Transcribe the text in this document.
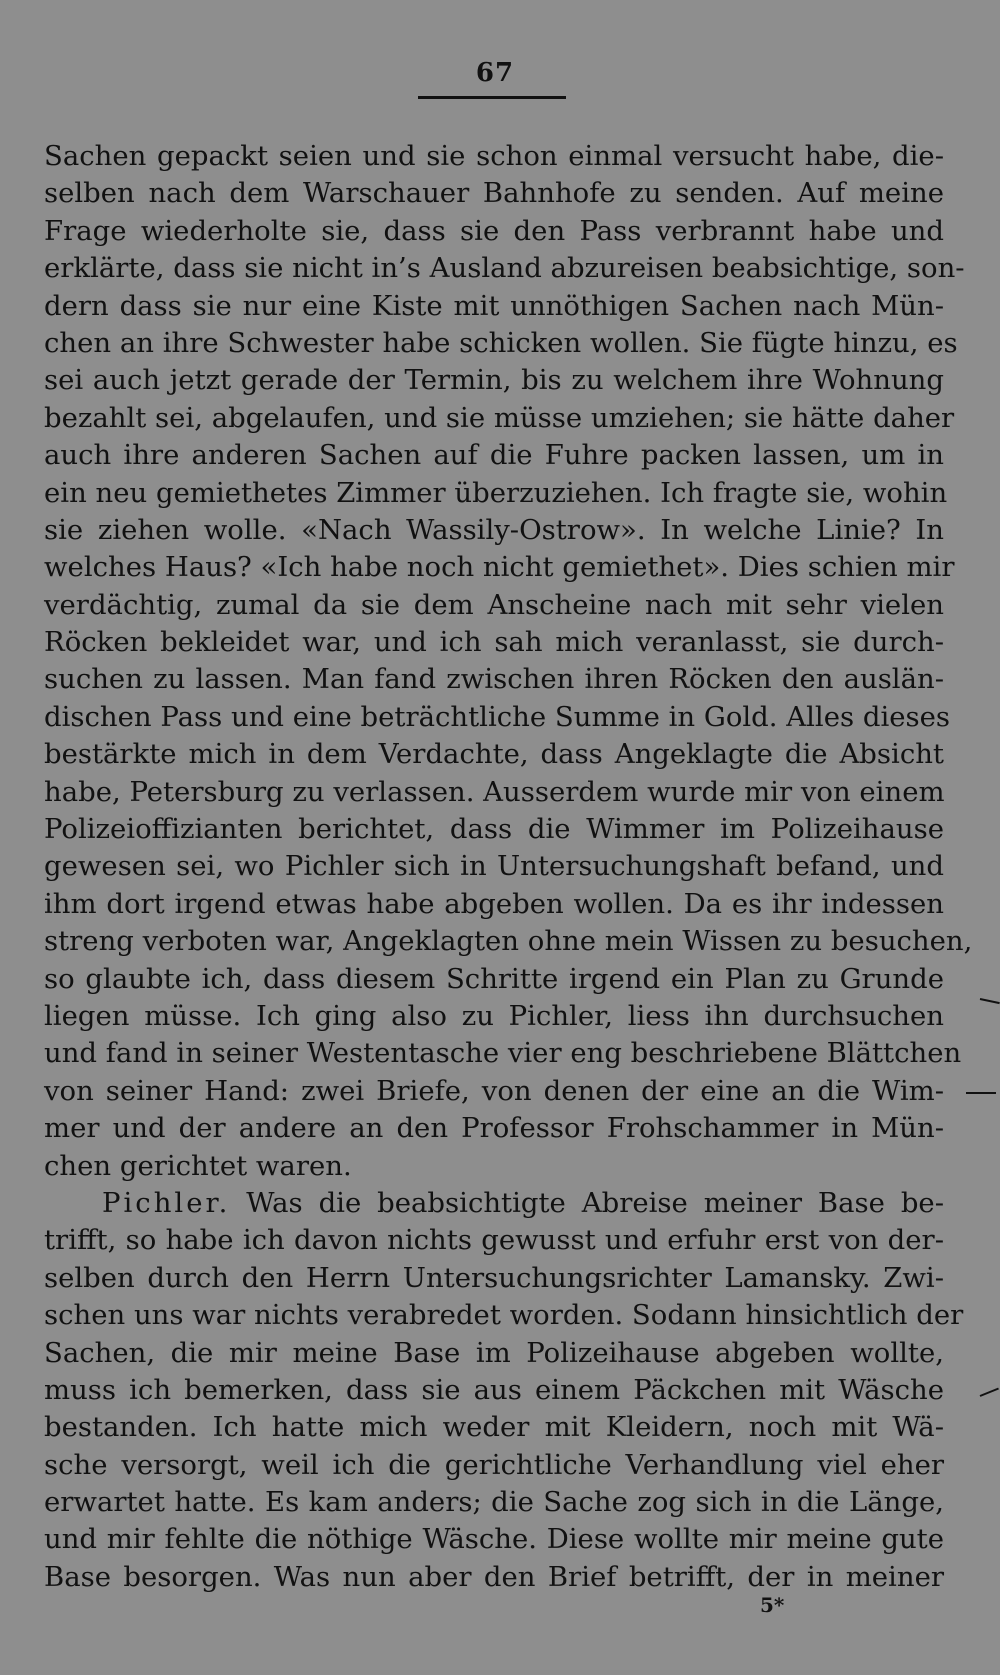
67
Sachen gepackt seien und sie schon einmal versucht habe, die-
selben nach dem Warschauer Bahnhofe zu senden. Auf meine
Frage wiederholte sie, dass sie den Pass verbrannt habe und
erklärte, dass sie nicht in’s Ausland abzureisen beabsichtige, son-
dern dass sie nur eine Kiste mit unnöthigen Sachen nach Mün-
chen an ihre Schwester habe schicken wollen. Sie fügte hinzu, es
sei auch jetzt gerade der Termin, bis zu welchem ihre Wohnung
bezahlt sei, abgelaufen, und sie müsse umziehen; sie hätte daher
auch ihre anderen Sachen auf die Fuhre packen lassen, um in
ein neu gemiethetes Zimmer überzuziehen. Ich fragte sie, wohin
sie ziehen wolle. «Nach Wassily-Ostrow». In welche Linie? In
welches Haus? «Ich habe noch nicht gemiethet». Dies schien mir
verdächtig, zumal da sie dem Anscheine nach mit sehr vielen
Röcken bekleidet war, und ich sah mich veranlasst, sie durch-
suchen zu lassen. Man fand zwischen ihren Röcken den auslän-
dischen Pass und eine beträchtliche Summe in Gold. Alles dieses
bestärkte mich in dem Verdachte, dass Angeklagte die Absicht
habe, Petersburg zu verlassen. Ausserdem wurde mir von einem
Polizeioffizianten berichtet, dass die Wimmer im Polizeihause
gewesen sei, wo Pichler sich in Untersuchungshaft befand, und
ihm dort irgend etwas habe abgeben wollen. Da es ihr indessen
streng verboten war, Angeklagten ohne mein Wissen zu besuchen,
so glaubte ich, dass diesem Schritte irgend ein Plan zu Grunde
liegen müsse. Ich ging also zu Pichler, liess ihn durchsuchen
und fand in seiner Westentasche vier eng beschriebene Blättchen
von seiner Hand: zwei Briefe, von denen der eine an die Wim-
mer und der andere an den Professor Frohschammer in Mün-
chen gerichtet waren.
Pichler. Was die beabsichtigte Abreise meiner Base be-
trifft, so habe ich davon nichts gewusst und erfuhr erst von der-
selben durch den Herrn Untersuchungsrichter Lamansky. Zwi-
schen uns war nichts verabredet worden. Sodann hinsichtlich der
Sachen, die mir meine Base im Polizeihause abgeben wollte,
muss ich bemerken, dass sie aus einem Päckchen mit Wäsche
bestanden. Ich hatte mich weder mit Kleidern, noch mit Wä-
sche versorgt, weil ich die gerichtliche Verhandlung viel eher
erwartet hatte. Es kam anders; die Sache zog sich in die Länge,
und mir fehlte die nöthige Wäsche. Diese wollte mir meine gute
Base besorgen. Was nun aber den Brief betrifft, der in meiner
5*
